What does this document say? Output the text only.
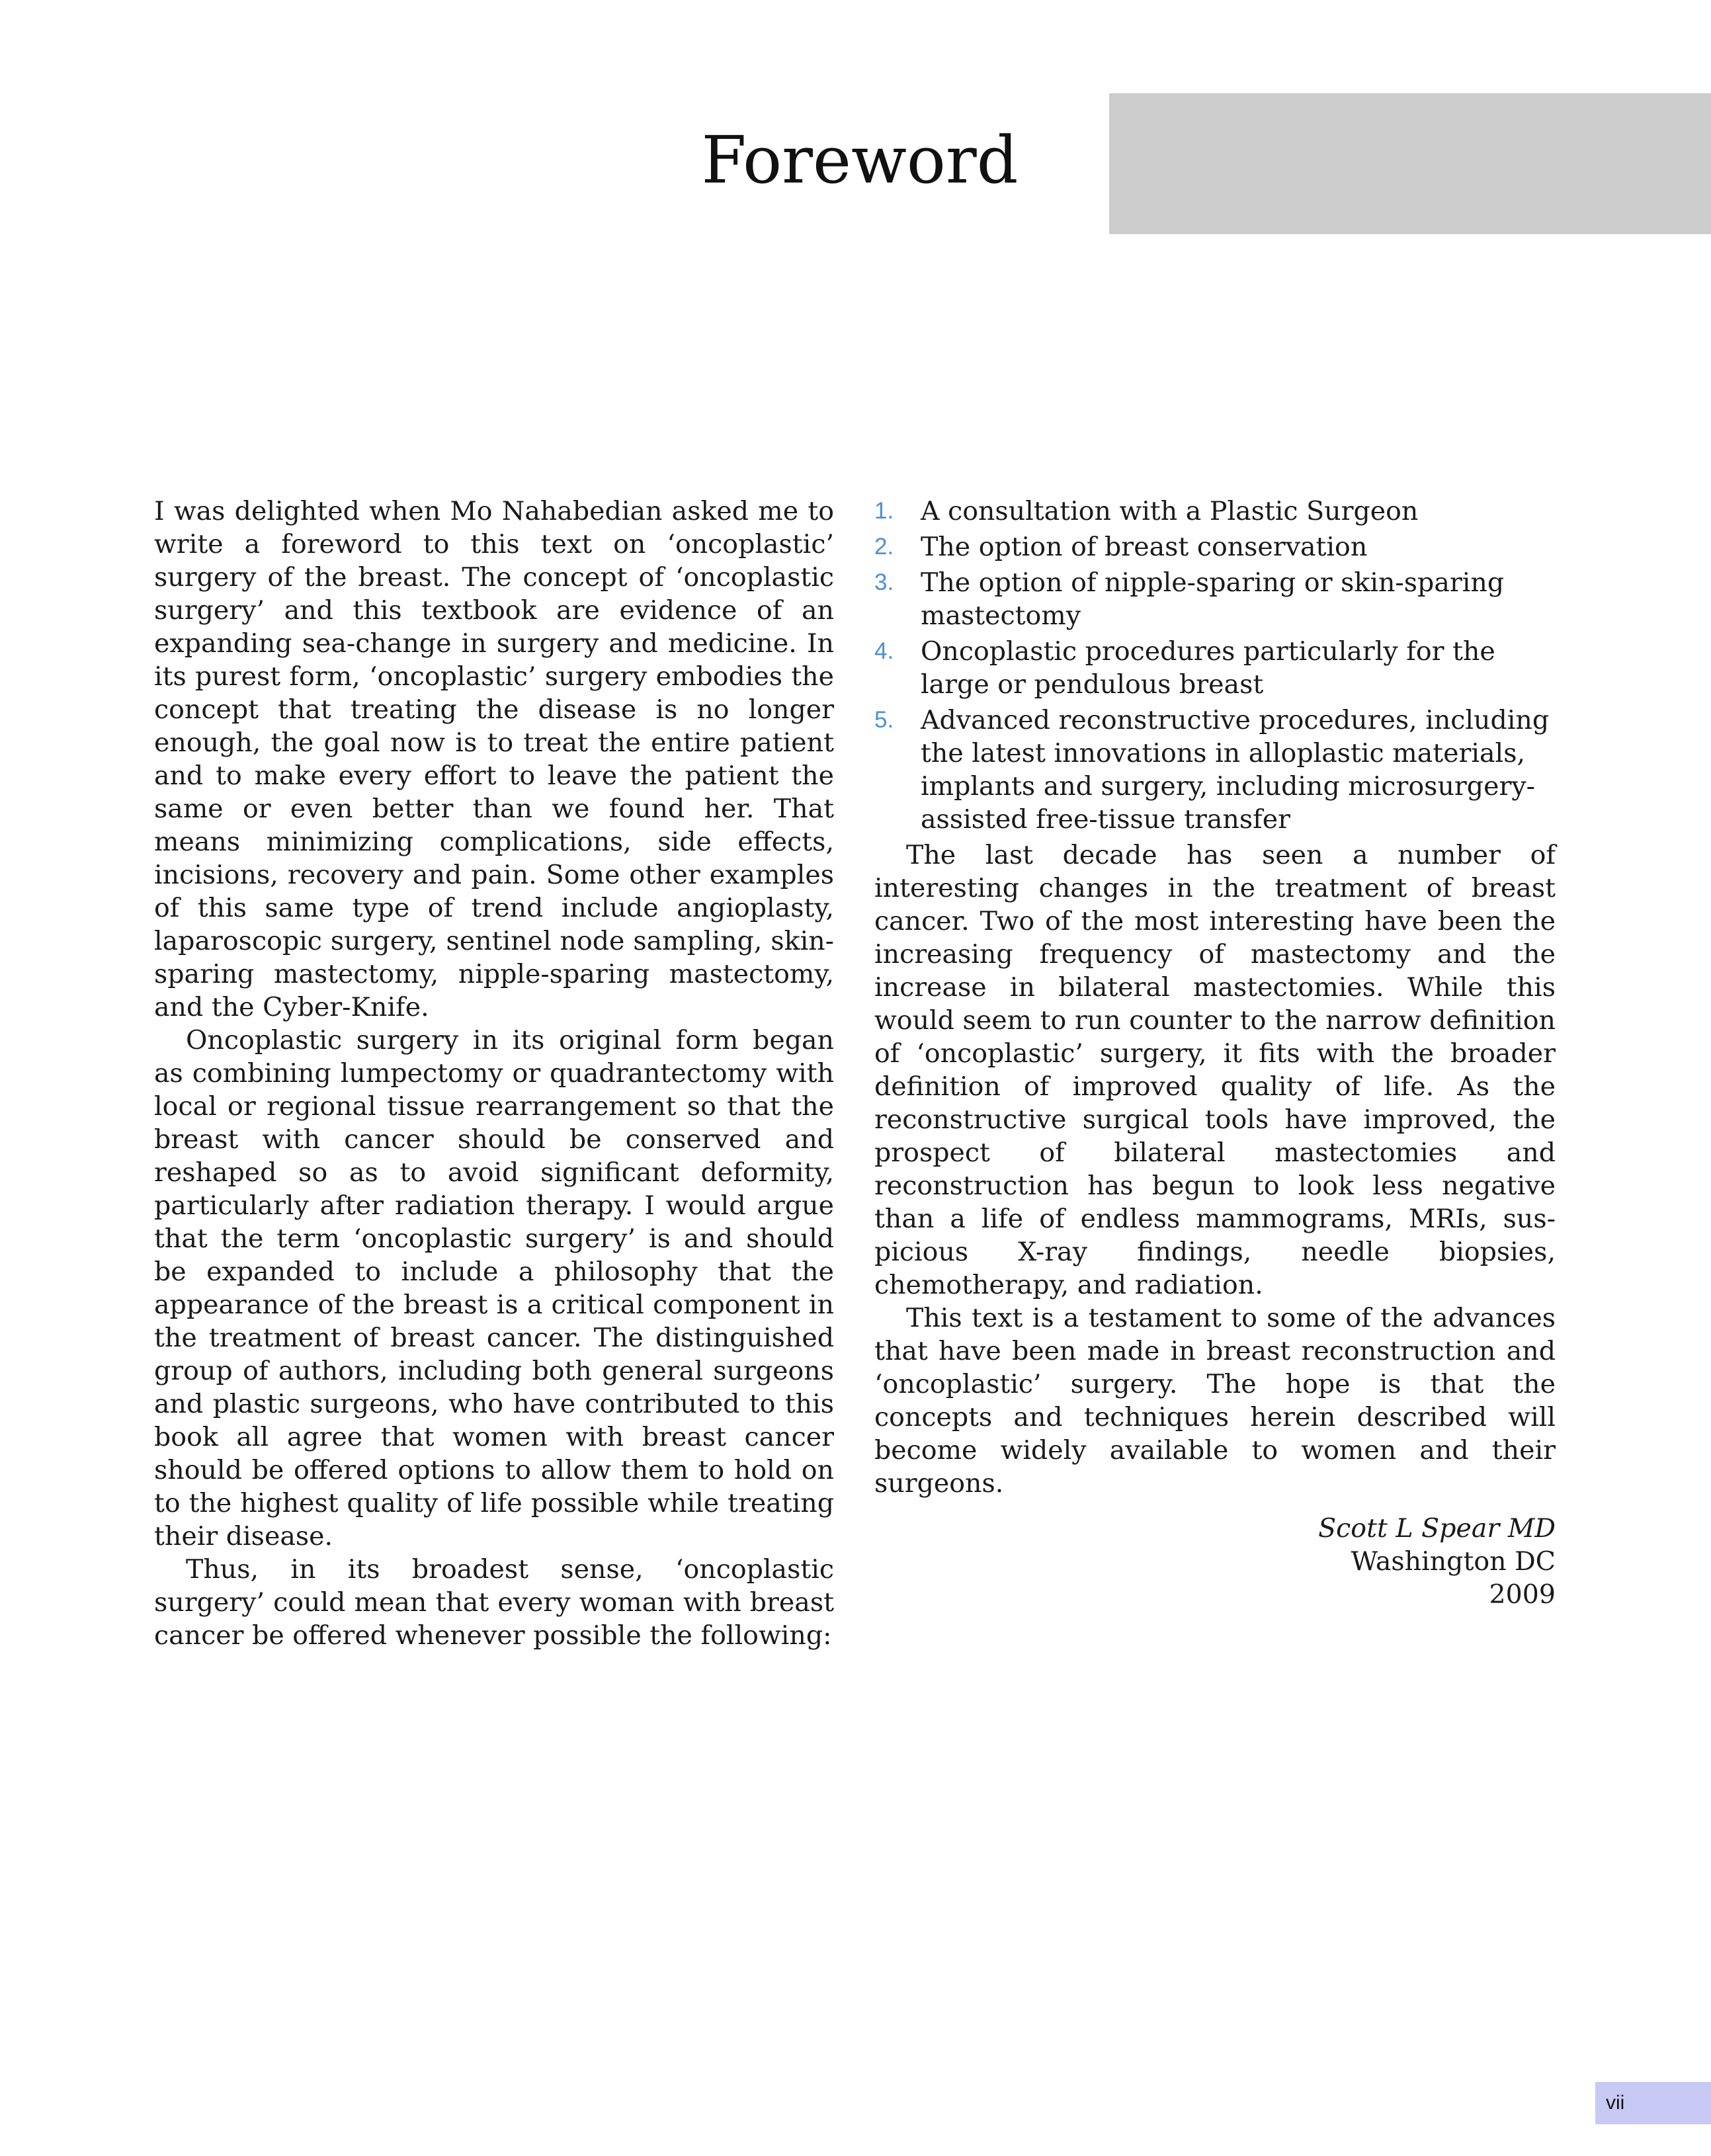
Foreword

I was delighted when Mo Nahabedian asked me to write a foreword to this text on ‘oncoplastic’ surgery of the breast. The concept of ‘oncoplastic surgery’ and this textbook are evidence of an expanding sea-change in surgery and medicine. In its purest form, ‘oncoplastic’ surgery embodies the concept that treating the disease is no longer enough, the goal now is to treat the entire patient and to make every effort to leave the patient the same or even better than we found her. That means minimizing complications, side effects, incisions, recovery and pain. Some other examples of this same type of trend include angioplasty, laparoscopic surgery, sentinel node sampling, skin-sparing mastectomy, nipple-sparing mastectomy, and the Cyber-Knife.

Oncoplastic surgery in its original form began as combining lumpectomy or quadrantectomy with local or regional tissue rearrangement so that the breast with cancer should be conserved and reshaped so as to avoid significant deformity, particularly after radiation therapy. I would argue that the term ‘oncoplastic surgery’ is and should be expanded to include a philosophy that the appearance of the breast is a critical component in the treatment of breast cancer. The distinguished group of authors, including both general surgeons and plastic surgeons, who have contributed to this book all agree that women with breast cancer should be offered options to allow them to hold on to the highest quality of life possible while treating their disease.

Thus, in its broadest sense, ‘oncoplastic surgery’ could mean that every woman with breast cancer be offered whenever possible the following:

1. A consultation with a Plastic Surgeon
2. The option of breast conservation
3. The option of nipple-sparing or skin-sparing mastectomy
4. Oncoplastic procedures particularly for the large or pendulous breast
5. Advanced reconstructive procedures, including the latest innovations in alloplastic materials, implants and surgery, including microsurgery-assisted free-tissue transfer

The last decade has seen a number of interesting changes in the treatment of breast cancer. Two of the most interesting have been the increasing frequency of mastectomy and the increase in bilateral mastectomies. While this would seem to run counter to the narrow definition of ‘oncoplastic’ surgery, it fits with the broader definition of improved quality of life. As the reconstructive surgical tools have improved, the prospect of bilateral mastectomies and reconstruction has begun to look less negative than a life of endless mammograms, MRIs, suspicious X-ray findings, needle biopsies, chemotherapy, and radiation.

This text is a testament to some of the advances that have been made in breast reconstruction and ‘oncoplastic’ surgery. The hope is that the concepts and techniques herein described will become widely available to women and their surgeons.

Scott L Spear MD
Washington DC
2009
vii
